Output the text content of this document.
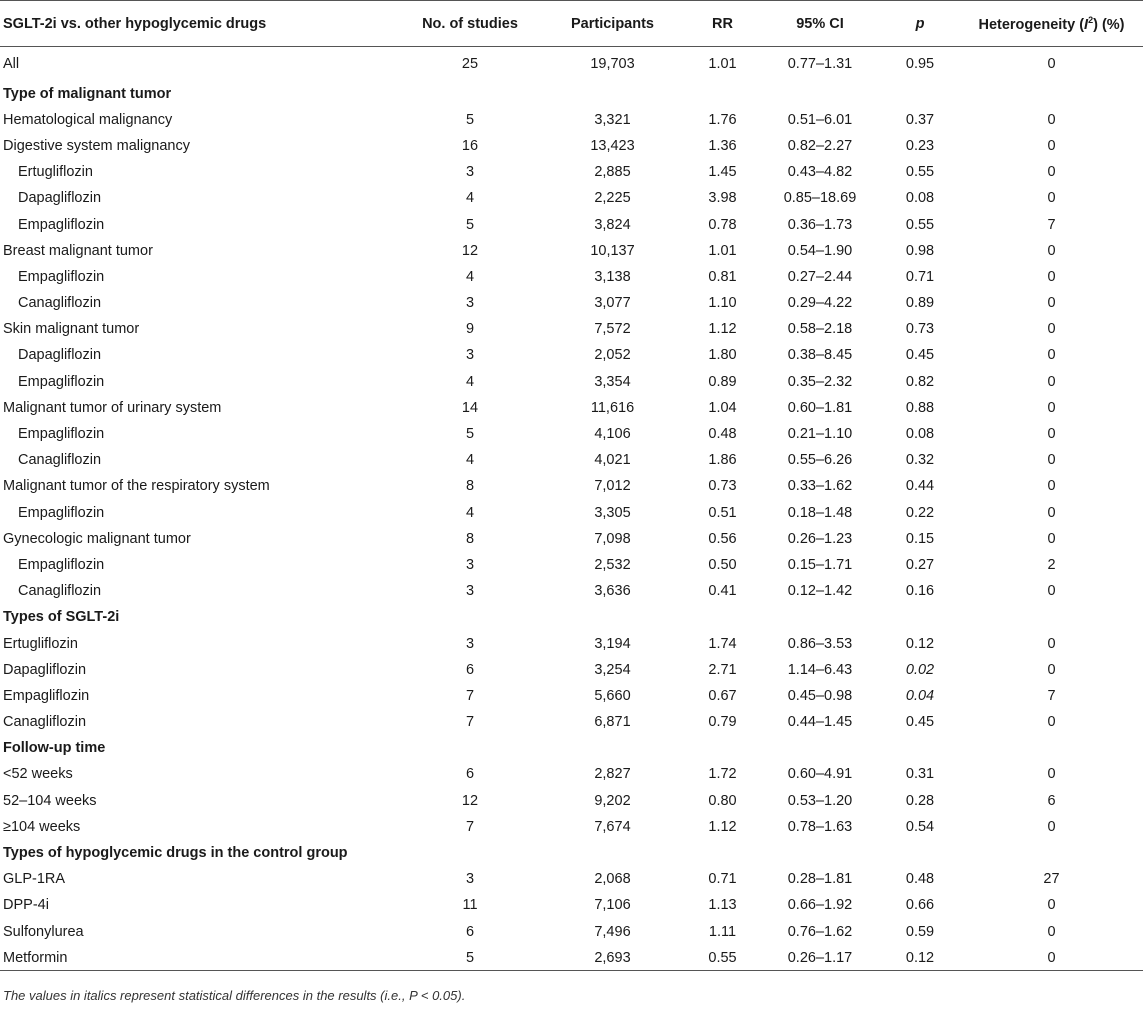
SGLT-2i vs. other hypoglycemic drugs	No. of studies	Participants	RR	95% CI	p	Heterogeneity $(I^2)$ (%)
All	25	19,703	1.01	0.77–1.31	0.95	0
Type of malignant tumor						
Hematological malignancy	5	3,321	1.76	0.51–6.01	0.37	0
Digestive system malignancy	16	13,423	1.36	0.82–2.27	0.23	0
Ertugliflozin	3	2,885	1.45	0.43–4.82	0.55	0
Dapagliflozin	4	2,225	3.98	0.85–18.69	0.08	0
Empagliflozin	5	3,824	0.78	0.36–1.73	0.55	7
Breast malignant tumor	12	10,137	1.01	0.54–1.90	0.98	0
Empagliflozin	4	3,138	0.81	0.27–2.44	0.71	0
Canagliflozin	3	3,077	1.10	0.29–4.22	0.89	0
Skin malignant tumor	9	7,572	1.12	0.58–2.18	0.73	0
Dapagliflozin	3	2,052	1.80	0.38–8.45	0.45	0
Empagliflozin	4	3,354	0.89	0.35–2.32	0.82	0
Malignant tumor of urinary system	14	11,616	1.04	0.60–1.81	0.88	0
Empagliflozin	5	4,106	0.48	0.21–1.10	0.08	0
Canagliflozin	4	4,021	1.86	0.55–6.26	0.32	0
Malignant tumor of the respiratory system	8	7,012	0.73	0.33–1.62	0.44	0
Empagliflozin	4	3,305	0.51	0.18–1.48	0.22	0
Gynecologic malignant tumor	8	7,098	0.56	0.26–1.23	0.15	0
Empagliflozin	3	2,532	0.50	0.15–1.71	0.27	2
Canagliflozin	3	3,636	0.41	0.12–1.42	0.16	0
Types of SGLT-2i						
Ertugliflozin	3	3,194	1.74	0.86–3.53	0.12	0
Dapagliflozin	6	3,254	2.71	1.14–6.43	0.02	0
Empagliflozin	7	5,660	0.67	0.45–0.98	0.04	7
Canagliflozin	7	6,871	0.79	0.44–1.45	0.45	0
Follow-up time						
<52 weeks	6	2,827	1.72	0.60–4.91	0.31	0
52–104 weeks	12	9,202	0.80	0.53–1.20	0.28	6
≥104 weeks	7	7,674	1.12	0.78–1.63	0.54	0
Types of hypoglycemic drugs in the control group						
GLP-1RA	3	2,068	0.71	0.28–1.81	0.48	27
DPP-4i	11	7,106	1.13	0.66–1.92	0.66	0
Sulfonylurea	6	7,496	1.11	0.76–1.62	0.59	0
Metformin	5	2,693	0.55	0.26–1.17	0.12	0
The values in italics represent statistical differences in the results (i.e., P < 0.05).
